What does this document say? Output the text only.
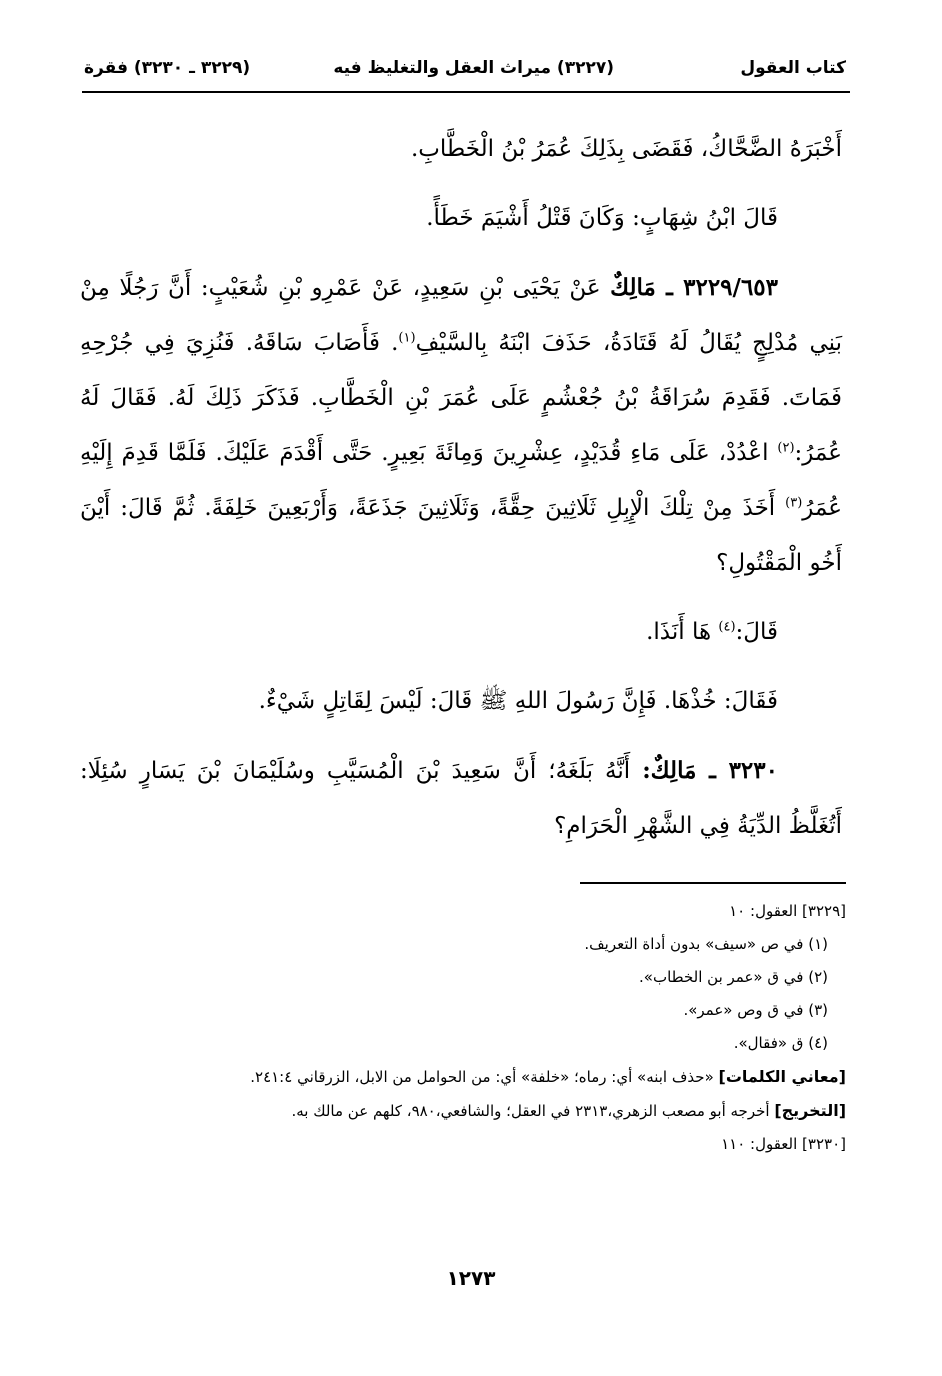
كتاب العقول
(٣٢٢٧) ميراث العقل والتغليظ فيه
(٣٢٢٩ ـ ٣٢٣٠) فقرة

أَخْبَرَهُ الضَّحَّاكُ، فَقَضَى بِذَلِكَ عُمَرُ بْنُ الْخَطَّابِ.

قَالَ ابْنُ شِهَابٍ: وَكَانَ قَتْلُ أَشْيَمَ خَطَأً.

٣٢٢٩/٦٥٣ ـ مَالِكٌ عَنْ يَحْيَى بْنِ سَعِيدٍ، عَنْ عَمْرِو بْنِ شُعَيْبٍ: أَنَّ رَجُلًا مِنْ بَنِي مُدْلِجٍ يُقَالُ لَهُ قَتَادَةُ، حَذَفَ ابْنَهُ بِالسَّيْفِ$^{(١)}$. فَأَصَابَ سَاقَهُ. فَنُزِيَ فِي جُرْحِهِ فَمَاتَ. فَقَدِمَ سُرَاقَةُ بْنُ جُعْشُمٍ عَلَى عُمَرَ بْنِ الْخَطَّابِ. فَذَكَرَ ذَلِكَ لَهُ. فَقَالَ لَهُ عُمَرُ:$^{(٢)}$ اعْدُدْ، عَلَى مَاءِ قُدَيْدٍ، عِشْرِينَ وَمِائَةَ بَعِيرٍ. حَتَّى أَقْدَمَ عَلَيْكَ. فَلَمَّا قَدِمَ إِلَيْهِ عُمَرُ$^{(٣)}$ أَخَذَ مِنْ تِلْكَ الْإِبِلِ ثَلَاثِينَ حِقَّةً، وَثَلَاثِينَ جَذَعَةً، وَأَرْبَعِينَ خَلِفَةً. ثُمَّ قَالَ: أَيْنَ أَخُو الْمَقْتُولِ؟

قَالَ:$^{(٤)}$ هَا أَنَذَا.

فَقَالَ: خُذْهَا. فَإِنَّ رَسُولَ اللهِ ﷺ قَالَ: لَيْسَ لِقَاتِلٍ شَيْءٌ.

٣٢٣٠ ـ مَالِكٌ: أَنَّهُ بَلَغَهُ؛ أَنَّ سَعِيدَ بْنَ الْمُسَيَّبِ وسُلَيْمَانَ بْنَ يَسَارٍ سُئِلَا: أَتُغَلَّظُ الدِّيَةُ فِي الشَّهْرِ الْحَرَامِ؟

[٣٢٢٩] العقول: ١٠

(١) في ص «سيف» بدون أداة التعريف.

(٢) في ق «عمر بن الخطاب».

(٣) في ق وص «عمر».

(٤) ق «فقال».

[معاني الكلمات] «حذف ابنه» أي: رماه؛ «خلفة» أي: من الحوامل من الابل، الزرقاني ٢٤١:٤.

[التخريج] أخرجه أبو مصعب الزهري،٢٣١٣ في العقل؛ والشافعي،٩٨٠، كلهم عن مالك به.

[٣٢٣٠] العقول: ١١٠

١٢٧٣
